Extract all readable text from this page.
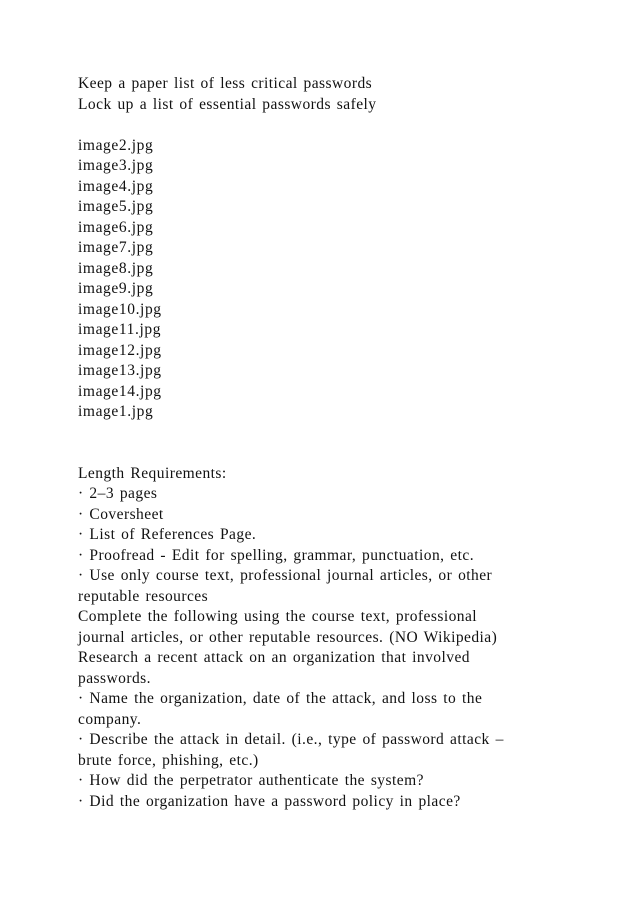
Keep a paper list of less critical passwords
Lock up a list of essential passwords safely
image2.jpg
image3.jpg
image4.jpg
image5.jpg
image6.jpg
image7.jpg
image8.jpg
image9.jpg
image10.jpg
image11.jpg
image12.jpg
image13.jpg
image14.jpg
image1.jpg
Length Requirements:
· 2–3 pages
· Coversheet
· List of References Page.
· Proofread - Edit for spelling, grammar, punctuation, etc.
· Use only course text, professional journal articles, or other
reputable resources
Complete the following using the course text, professional
journal articles, or other reputable resources. (NO Wikipedia)
Research a recent attack on an organization that involved
passwords.
· Name the organization, date of the attack, and loss to the
company.
· Describe the attack in detail. (i.e., type of password attack –
brute force, phishing, etc.)
· How did the perpetrator authenticate the system?
· Did the organization have a password policy in place?
